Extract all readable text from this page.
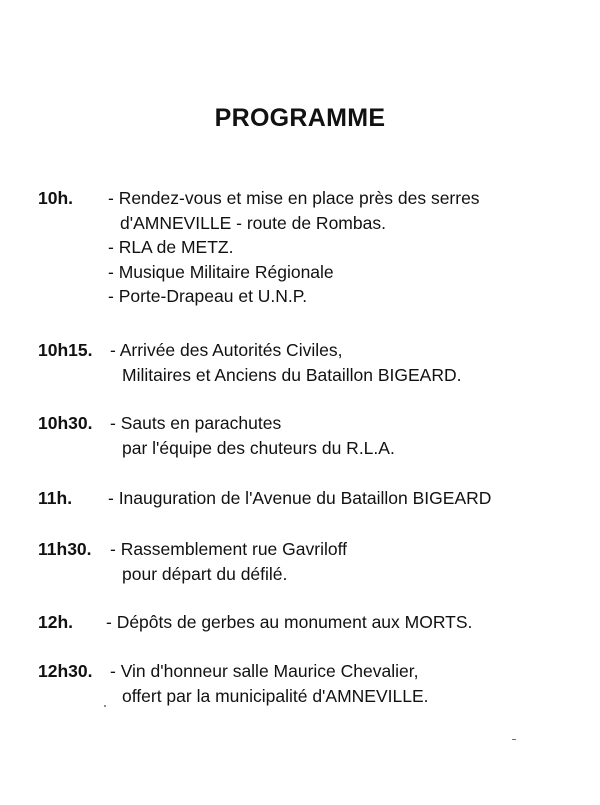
PROGRAMME
10h. - Rendez-vous et mise en place près des serres
d'AMNEVILLE - route de Rombas.
- RLA de METZ.
- Musique Militaire Régionale
- Porte-Drapeau et U.N.P.
10h15. - Arrivée des Autorités Civiles,
Militaires et Anciens du Bataillon BIGEARD.
10h30. - Sauts en parachutes
par l'équipe des chuteurs du R.L.A.
11h. - Inauguration de l'Avenue du Bataillon BIGEARD
11h30. - Rassemblement rue Gavriloff
pour départ du défilé.
12h. - Dépôts de gerbes au monument aux MORTS.
12h30. - Vin d'honneur salle Maurice Chevalier,
offert par la municipalité d'AMNEVILLE.
